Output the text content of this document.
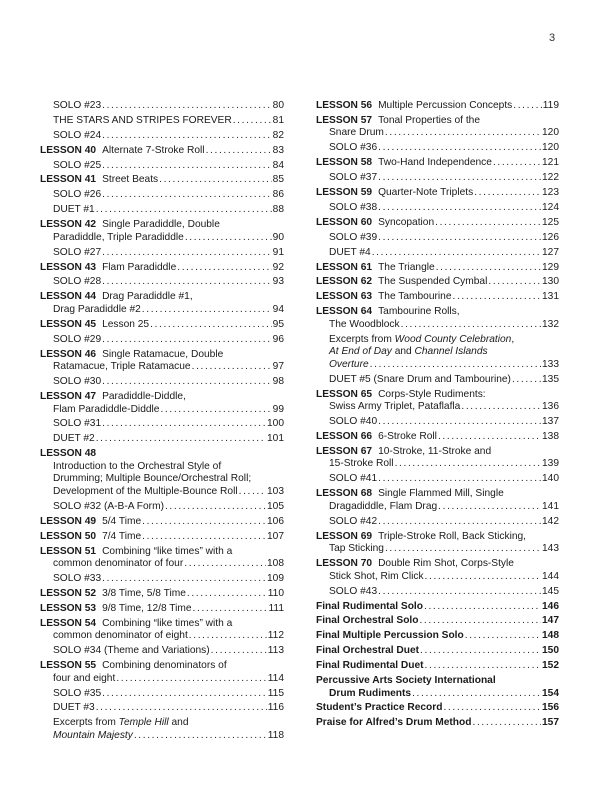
3
SOLO #23 . . .	80
THE STARS AND STRIPES FOREVER . . .	81
SOLO #24 . . .	82
LESSON 40 Alternate 7-Stroke Roll . . .	83
SOLO #25 . . .	84
LESSON 41 Street Beats . . .	85
SOLO #26 . . .	86
DUET #1 . . .	88
LESSON 42 Single Paradiddle, Double
Paradiddle, Triple Paradiddle . . .	90
SOLO #27 . . .	91
LESSON 43 Flam Paradiddle . . .	92
SOLO #28 . . .	93
LESSON 44 Drag Paradiddle #1,
Drag Paradiddle #2 . . .	94
LESSON 45 Lesson 25 . . .	95
SOLO #29 . . .	96
LESSON 46 Single Ratamacue, Double
Ratamacue, Triple Ratamacue . . .	97
SOLO #30 . . .	98
LESSON 47 Paradiddle-Diddle,
Flam Paradiddle-Diddle . . .	99
SOLO #31 . . .	100
DUET #2 . . .	101
LESSON 48
Introduction to the Orchestral Style of
Drumming; Multiple Bounce/Orchestral Roll;
Development of the Multiple-Bounce Roll . . .	103
SOLO #32 (A-B-A Form) . . .	105
LESSON 49 5/4 Time . . .	106
LESSON 50 7/4 Time . . .	107
LESSON 51 Combining “like times” with a
common denominator of four . . .	108
SOLO #33 . . .	109
LESSON 52 3/8 Time, 5/8 Time . . .	110
LESSON 53 9/8 Time, 12/8 Time . . .	111
LESSON 54 Combining “like times” with a
common denominator of eight . . .	112
SOLO #34 (Theme and Variations) . . .	113
LESSON 55 Combining denominators of
four and eight . . .	114
SOLO #35 . . .	115
DUET #3 . . .	116
Excerpts from Temple Hill and
Mountain Majesty . . .	118
LESSON 56 Multiple Percussion Concepts . . .	119
LESSON 57 Tonal Properties of the
Snare Drum . . .	120
SOLO #36 . . .	120
LESSON 58 Two-Hand Independence . . .	121
SOLO #37 . . .	122
LESSON 59 Quarter-Note Triplets . . .	123
SOLO #38 . . .	124
LESSON 60 Syncopation . . .	125
SOLO #39 . . .	126
DUET #4 . . .	127
LESSON 61 The Triangle . . .	129
LESSON 62 The Suspended Cymbal . . .	130
LESSON 63 The Tambourine . . .	131
LESSON 64 Tambourine Rolls,
The Woodblock . . .	132
Excerpts from Wood County Celebration,
At End of Day and Channel Islands
Overture . . .	133
DUET #5 (Snare Drum and Tambourine) . . .	135
LESSON 65 Corps-Style Rudiments:
Swiss Army Triplet, Pataflafla . . .	136
SOLO #40 . . .	137
LESSON 66 6-Stroke Roll . . .	138
LESSON 67 10-Stroke, 11-Stroke and
15-Stroke Roll . . .	139
SOLO #41 . . .	140
LESSON 68 Single Flammed Mill, Single
Dragadiddle, Flam Drag . . .	141
SOLO #42 . . .	142
LESSON 69 Triple-Stroke Roll, Back Sticking,
Tap Sticking . . .	143
LESSON 70 Double Rim Shot, Corps-Style
Stick Shot, Rim Click . . .	144
SOLO #43 . . .	145
Final Rudimental Solo . . .	146
Final Orchestral Solo . . .	147
Final Multiple Percussion Solo . . .	148
Final Orchestral Duet . . .	150
Final Rudimental Duet . . .	152
Percussive Arts Society International
Drum Rudiments . . .	154
Student’s Practice Record . . .	156
Praise for Alfred’s Drum Method . . .	157
